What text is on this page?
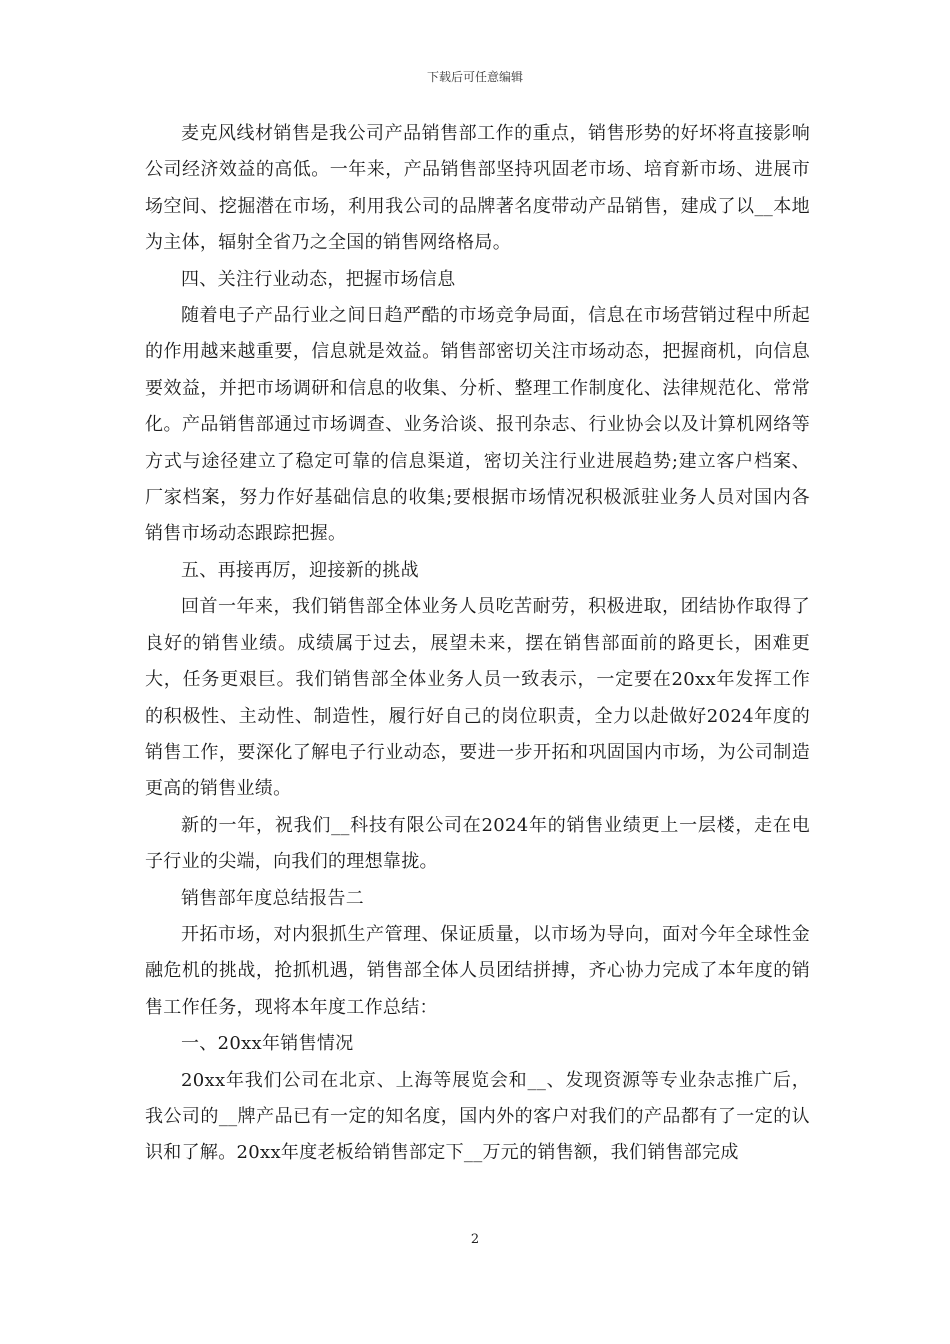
下载后可任意编辑

麦克风线材销售是我公司产品销售部工作的重点，销售形势的好坏将直接影响公司经济效益的高低。一年来，产品销售部坚持巩固老市场、培育新市场、进展市场空间、挖掘潜在市场，利用我公司的品牌著名度带动产品销售，建成了以__本地为主体，辐射全省乃之全国的销售网络格局。

四、关注行业动态，把握市场信息

随着电子产品行业之间日趋严酷的市场竞争局面，信息在市场营销过程中所起的作用越来越重要，信息就是效益。销售部密切关注市场动态，把握商机，向信息要效益，并把市场调研和信息的收集、分析、整理工作制度化、法律规范化、常常化。产品销售部通过市场调查、业务洽谈、报刊杂志、行业协会以及计算机网络等方式与途径建立了稳定可靠的信息渠道，密切关注行业进展趋势;建立客户档案、厂家档案，努力作好基础信息的收集;要根据市场情况积极派驻业务人员对国内各销售市场动态跟踪把握。

五、再接再厉，迎接新的挑战

回首一年来，我们销售部全体业务人员吃苦耐劳，积极进取，团结协作取得了良好的销售业绩。成绩属于过去，展望未来，摆在销售部面前的路更长，困难更大，任务更艰巨。我们销售部全体业务人员一致表示，一定要在20xx年发挥工作的积极性、主动性、制造性，履行好自己的岗位职责，全力以赴做好2024年度的销售工作，要深化了解电子行业动态，要进一步开拓和巩固国内市场，为公司制造更高的销售业绩。

新的一年，祝我们__科技有限公司在2024年的销售业绩更上一层楼，走在电子行业的尖端，向我们的理想靠拢。

销售部年度总结报告二

开拓市场，对内狠抓生产管理、保证质量，以市场为导向，面对今年全球性金融危机的挑战，抢抓机遇，销售部全体人员团结拼搏，齐心协力完成了本年度的销售工作任务，现将本年度工作总结：

一、20xx年销售情况

20xx年我们公司在北京、上海等展览会和__、发现资源等专业杂志推广后，我公司的__牌产品已有一定的知名度，国内外的客户对我们的产品都有了一定的认识和了解。20xx年度老板给销售部定下__万元的销售额，我们销售部完成

2
